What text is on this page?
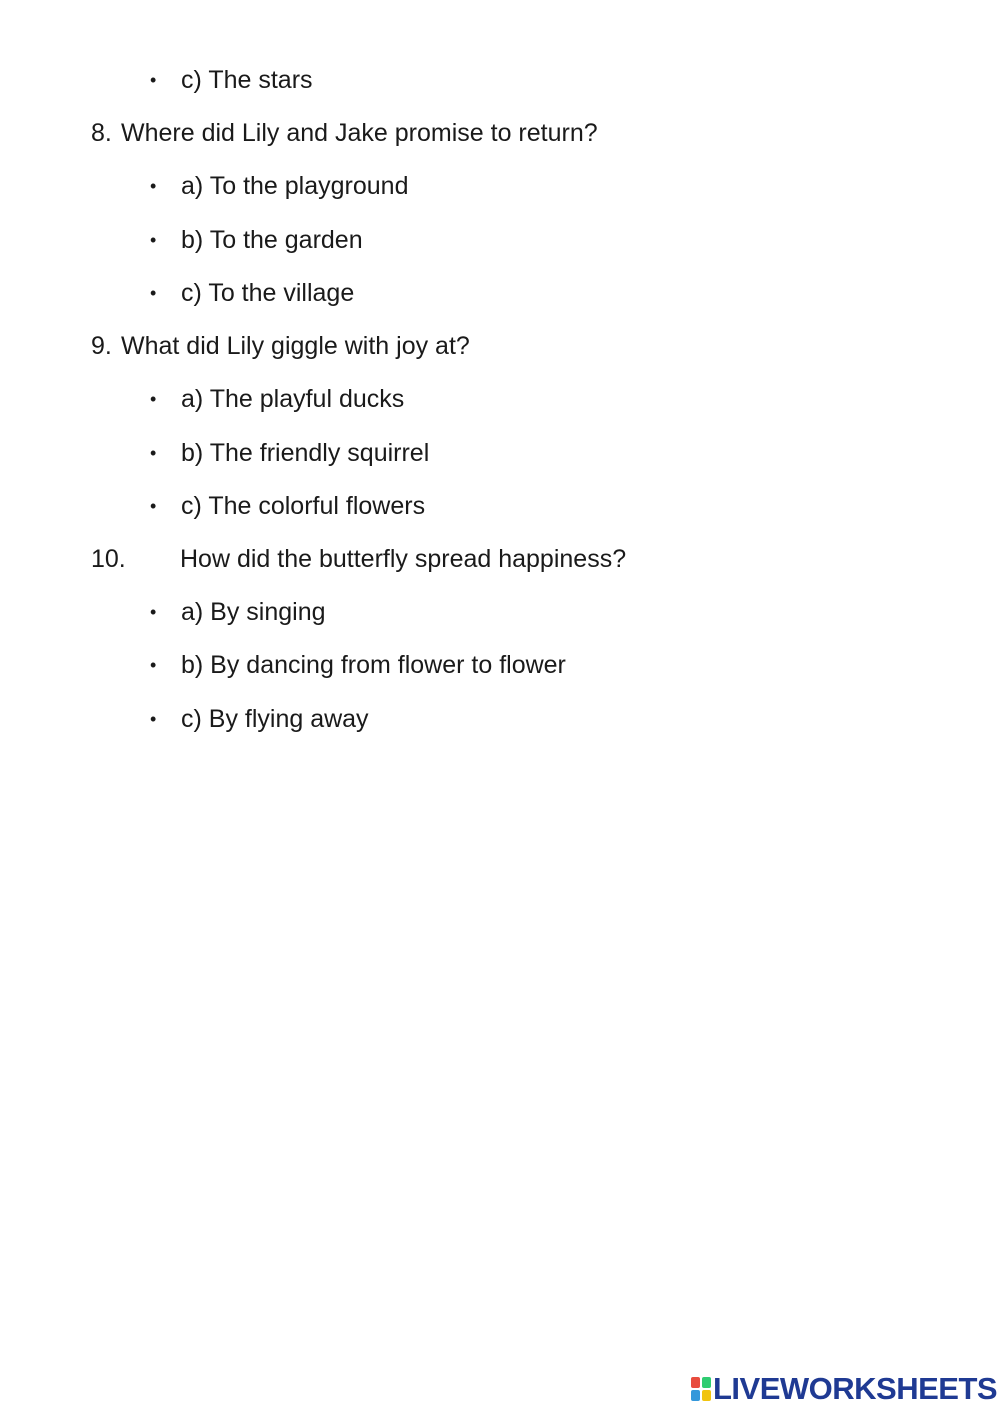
• c) The stars
8. Where did Lily and Jake promise to return?
• a) To the playground
• b) To the garden
• c) To the village
9. What did Lily giggle with joy at?
• a) The playful ducks
• b) The friendly squirrel
• c) The colorful flowers
10. How did the butterfly spread happiness?
• a) By singing
• b) By dancing from flower to flower
• c) By flying away
LIVEWORKSHEETS
